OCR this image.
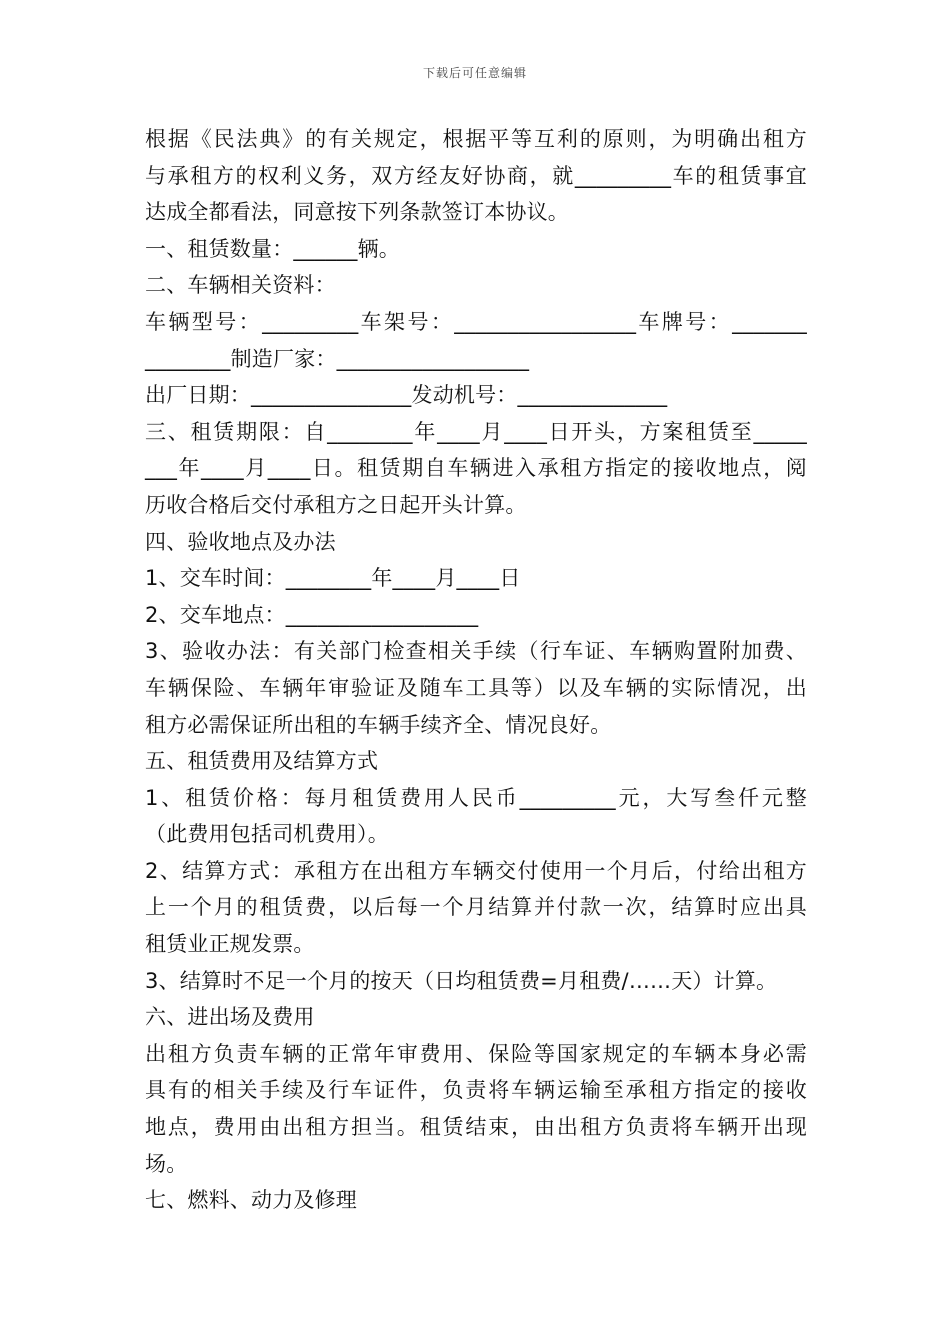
下载后可任意编辑
根据《民法典》的有关规定，根据平等互利的原则，为明确出租方
与承租方的权利义务，双方经友好协商，就_________车的租赁事宜
达成全都看法，同意按下列条款签订本协议。
一、租赁数量：______辆。
二、车辆相关资料：
车辆型号：_________车架号：_________________车牌号：_______
________制造厂家：__________________
出厂日期：_______________发动机号：______________
三、租赁期限：自________年____月____日开头，方案租赁至_____
___年____月____日。租赁期自车辆进入承租方指定的接收地点，阅
历收合格后交付承租方之日起开头计算。
四、验收地点及办法
1、交车时间：________年____月____日
2、交车地点：__________________
3、验收办法：有关部门检查相关手续（行车证、车辆购置附加费、
车辆保险、车辆年审验证及随车工具等）以及车辆的实际情况，出
租方必需保证所出租的车辆手续齐全、情况良好。
五、租赁费用及结算方式
1、租赁价格：每月租赁费用人民币_________元，大写叁仟元整
（此费用包括司机费用）。
2、结算方式：承租方在出租方车辆交付使用一个月后，付给出租方
上一个月的租赁费，以后每一个月结算并付款一次，结算时应出具
租赁业正规发票。
3、结算时不足一个月的按天（日均租赁费=月租费/……天）计算。
六、进出场及费用
出租方负责车辆的正常年审费用、保险等国家规定的车辆本身必需
具有的相关手续及行车证件，负责将车辆运输至承租方指定的接收
地点，费用由出租方担当。租赁结束，由出租方负责将车辆开出现
场。
七、燃料、动力及修理
